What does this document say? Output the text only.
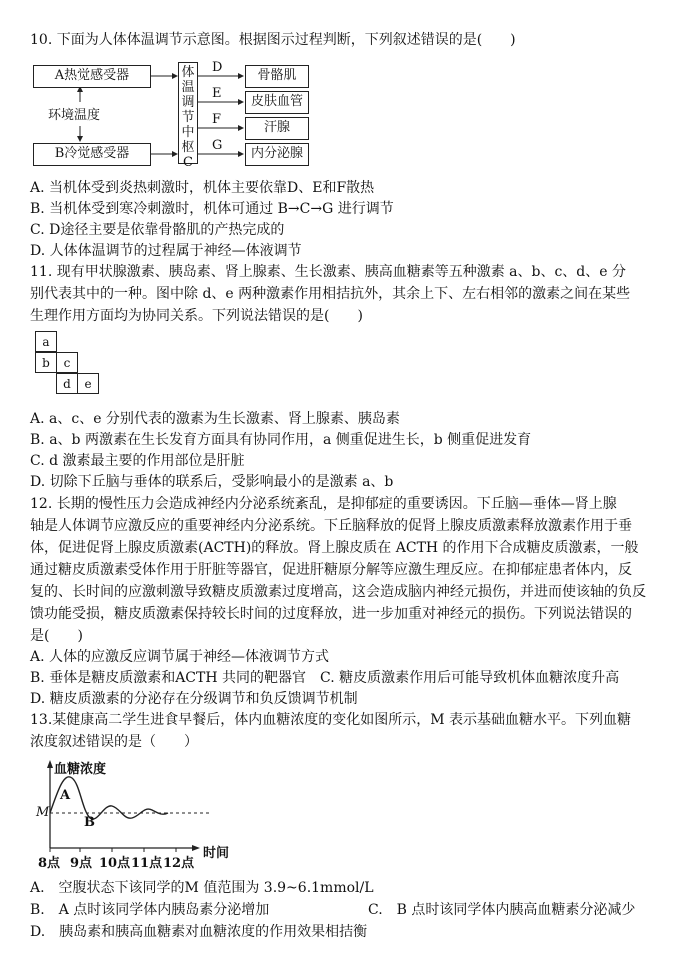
10. 下面为人体体温调节示意图。根据图示过程判断，下列叙述错误的是(　　)
A热觉感受器
环境温度
B冷觉感受器
体
温
调
节
中
枢
C
D
E
F
G
骨骼肌
皮肤血管
汗腺
内分泌腺
A. 当机体受到炎热刺激时，机体主要依靠D、E和F散热
B. 当机体受到寒冷刺激时，机体可通过 B→C→G 进行调节
C. D途径主要是依靠骨骼肌的产热完成的
D. 人体体温调节的过程属于神经—体液调节
11. 现有甲状腺激素、胰岛素、肾上腺素、生长激素、胰高血糖素等五种激素 a、b、c、d、e 分
别代表其中的一种。图中除 d、e 两种激素作用相拮抗外，其余上下、左右相邻的激素之间在某些
生理作用方面均为协同关系。下列说法错误的是(　　)
a
b	c
d	e
A. a、c、e 分别代表的激素为生长激素、肾上腺素、胰岛素
B. a、b 两激素在生长发育方面具有协同作用，a 侧重促进生长，b 侧重促进发育
C. d 激素最主要的作用部位是肝脏
D. 切除下丘脑与垂体的联系后，受影响最小的是激素 a、b
12. 长期的慢性压力会造成神经内分泌系统紊乱，是抑郁症的重要诱因。下丘脑—垂体—肾上腺
轴是人体调节应激反应的重要神经内分泌系统。下丘脑释放的促肾上腺皮质激素释放激素作用于垂
体，促进促肾上腺皮质激素(ACTH)的释放。肾上腺皮质在 ACTH 的作用下合成糖皮质激素，一般
通过糖皮质激素受体作用于肝脏等器官，促进肝糖原分解等应激生理反应。在抑郁症患者体内，反
复的、长时间的应激刺激导致糖皮质激素过度增高，这会造成脑内神经元损伤，并进而使该轴的负反
馈功能受损，糖皮质激素保持较长时间的过度释放，进一步加重对神经元的损伤。下列说法错误的
是(　　)
A. 人体的应激反应调节属于神经—体液调节方式
B. 垂体是糖皮质激素和ACTH 共同的靶器官　C. 糖皮质激素作用后可能导致机体血糖浓度升高
D. 糖皮质激素的分泌存在分级调节和负反馈调节机制
13.某健康高二学生进食早餐后，体内血糖浓度的变化如图所示，M 表示基础血糖水平。下列血糖
浓度叙述错误的是（　　）
血糖浓度
M
A
B
8点 9点 10点 11点 12点
时间
A.　空腹状态下该同学的M 值范围为 3.9~6.1mmol/L
B.　A 点时该同学体内胰岛素分泌增加	C.　B 点时该同学体内胰高血糖素分泌减少
D.　胰岛素和胰高血糖素对血糖浓度的作用效果相拮衡
